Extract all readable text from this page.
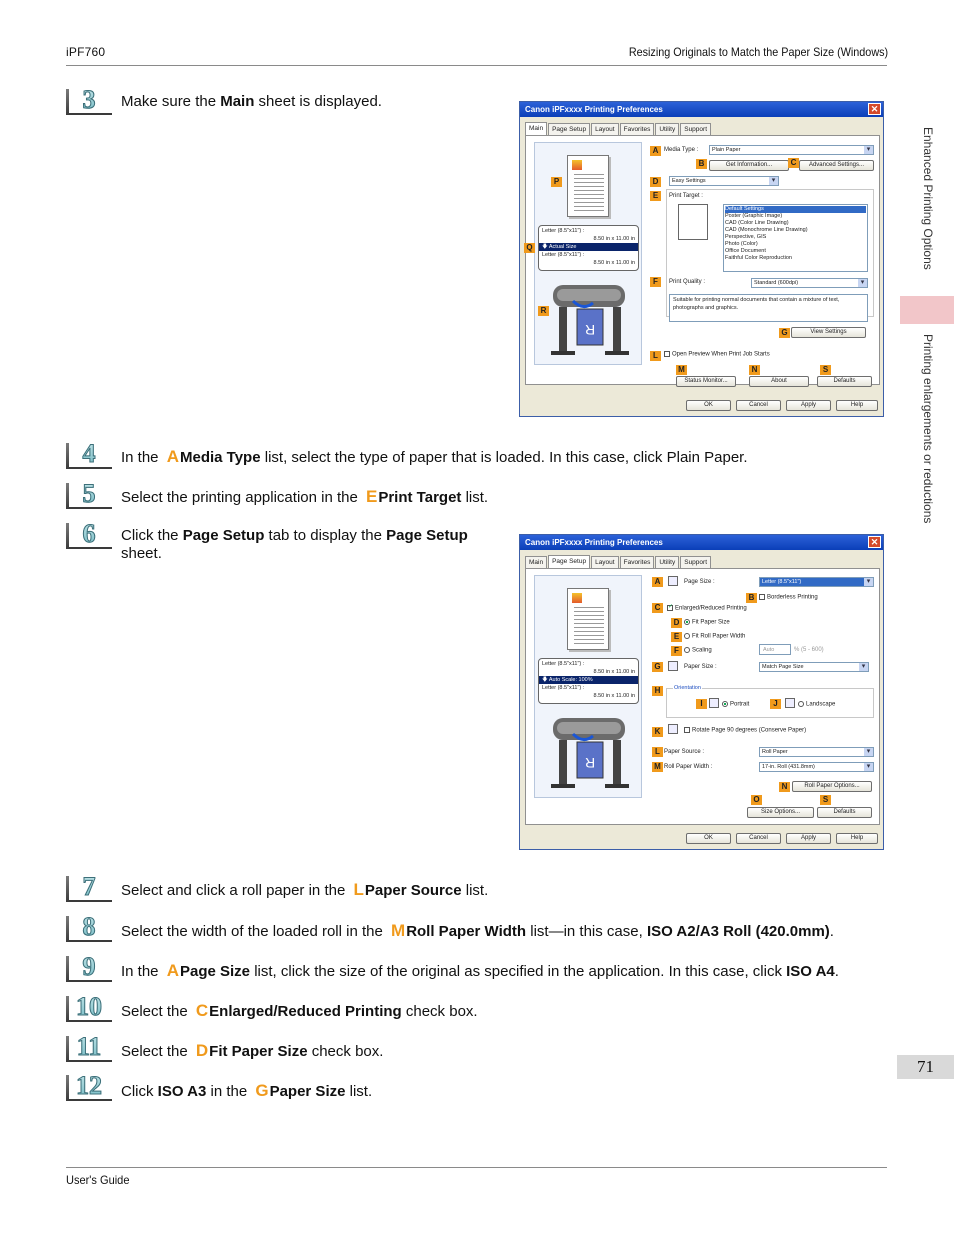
iPF760	Resizing Originals to Match the Paper Size (Windows)
User's Guide
Enhanced Printing Options
Printing enlargements or reductions
71
3	Make sure the Main sheet is displayed.
4	In the AMedia Type list, select the type of paper that is loaded. In this case, click Plain Paper.
5	Select the printing application in the EPrint Target list.
6	Click the Page Setup tab to display the Page Setup sheet.
7	Select and click a roll paper in the LPaper Source list.
8	Select the width of the loaded roll in the MRoll Paper Width list—in this case, ISO A2/A3 Roll (420.0mm).
9	In the APage Size list, click the size of the original as specified in the application. In this case, click ISO A4.
10	Select the CEnlarged/Reduced Printing check box.
11	Select the DFit Paper Size check box.
12	Click ISO A3 in the GPaper Size list.
Canon iPFxxxx Printing Preferences	✕
Main	Page Setup	Layout	Favorites	Utility	Support
Letter (8.5"x11") :
8.50 in x 11.00 in
🡇 Actual Size
Letter (8.5"x11") :
8.50 in x 11.00 in
R
P
Q
R
A Media Type :	Plain Paper ▾
B	Get Information...	C	Advanced Settings...
D	Easy Settings ▾
E	Print Target :
Default Settings
Poster (Graphic Image)
CAD (Color Line Drawing)
CAD (Monochrome Line Drawing)
Perspective, GIS
Photo (Color)
Office Document
Faithful Color Reproduction
F	Print Quality :	Standard (600dpi) ▾
Suitable for printing normal documents that contain a mixture of text, photographs and graphics.
G	View Settings
L	Open Preview When Print Job Starts
M	N	S
Status Monitor...	About	Defaults
OK	Cancel	Apply	Help
Canon iPFxxxx Printing Preferences	✕
Main	Page Setup	Layout	Favorites	Utility	Support
Letter (8.5"x11") :
8.50 in x 11.00 in
🡇 Auto Scale: 100%
Letter (8.5"x11") :
8.50 in x 11.00 in
R
A	Page Size :	Letter (8.5"x11") ▾
B	Borderless Printing
C
✓	Enlarged/Reduced Printing
D	Fit Paper Size
E	Fit Roll Paper Width
F	Scaling	Auto	% (5 - 600)
G	Paper Size :	Match Page Size ▾
H	Orientation
I	Portrait	J	Landscape
K	Rotate Page 90 degrees (Conserve Paper)
L Paper Source :	Roll Paper ▾
M Roll Paper Width :	17-in. Roll (431.8mm) ▾
N	Roll Paper Options...
O	S
Size Options...	Defaults
OK	Cancel	Apply	Help
